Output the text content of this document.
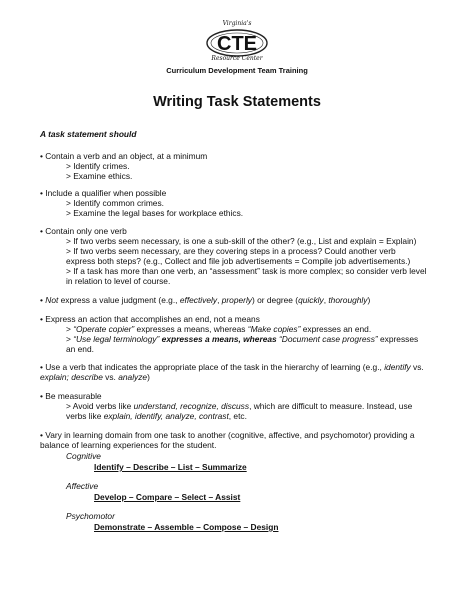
Virginia's
CTE
Resource Center
Curriculum Development Team Training
Writing Task Statements
A task statement should
• Contain a verb and an object, at a minimum
> Identify crimes.
> Examine ethics.
• Include a qualifier when possible
> Identify common crimes.
> Examine the legal bases for workplace ethics.
• Contain only one verb
> If two verbs seem necessary, is one a sub-skill of the other? (e.g., List and explain = Explain)
> If two verbs seem necessary, are they covering steps in a process? Could another verb
express both steps? (e.g., Collect and file job advertisements = Compile job advertisements.)
> If a task has more than one verb, an “assessment” task is more complex; so consider verb level
in relation to level of course.
• Not express a value judgment (e.g., effectively, properly) or degree (quickly, thoroughly)
• Express an action that accomplishes an end, not a means
> “Operate copier” expresses a means, whereas “Make copies” expresses an end.
> “Use legal terminology” expresses a means, whereas “Document case progress” expresses
an end.
• Use a verb that indicates the appropriate place of the task in the hierarchy of learning (e.g., identify vs.
explain; describe vs. analyze)
• Be measurable
> Avoid verbs like understand, recognize, discuss, which are difficult to measure. Instead, use
verbs like explain, identify, analyze, contrast, etc.
• Vary in learning domain from one task to another (cognitive, affective, and psychomotor) providing a
balance of learning experiences for the student.
Cognitive
Identify – Describe – List – Summarize
Affective
Develop – Compare – Select – Assist
Psychomotor
Demonstrate – Assemble – Compose – Design
